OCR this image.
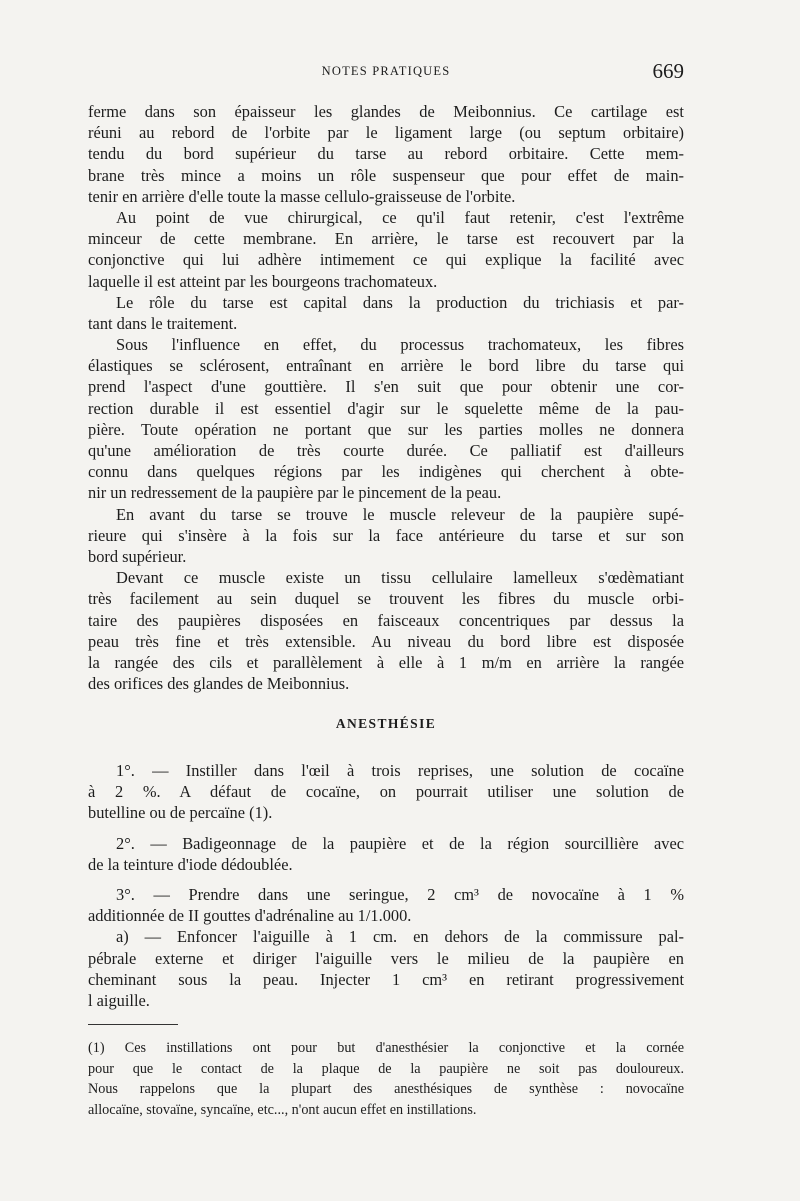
NOTES PRATIQUES	669
ferme dans son épaisseur les glandes de Meibonnius. Ce cartilage est
réuni au rebord de l'orbite par le ligament large (ou septum orbitaire)
tendu du bord supérieur du tarse au rebord orbitaire. Cette mem-
brane très mince a moins un rôle suspenseur que pour effet de main-
tenir en arrière d'elle toute la masse cellulo-graisseuse de l'orbite.
Au point de vue chirurgical, ce qu'il faut retenir, c'est l'extrême
minceur de cette membrane. En arrière, le tarse est recouvert par la
conjonctive qui lui adhère intimement ce qui explique la facilité avec
laquelle il est atteint par les bourgeons trachomateux.
Le rôle du tarse est capital dans la production du trichiasis et par-
tant dans le traitement.
Sous l'influence en effet, du processus trachomateux, les fibres
élastiques se sclérosent, entraînant en arrière le bord libre du tarse qui
prend l'aspect d'une gouttière. Il s'en suit que pour obtenir une cor-
rection durable il est essentiel d'agir sur le squelette même de la pau-
pière. Toute opération ne portant que sur les parties molles ne donnera
qu'une amélioration de très courte durée. Ce palliatif est d'ailleurs
connu dans quelques régions par les indigènes qui cherchent à obte-
nir un redressement de la paupière par le pincement de la peau.
En avant du tarse se trouve le muscle releveur de la paupière supé-
rieure qui s'insère à la fois sur la face antérieure du tarse et sur son
bord supérieur.
Devant ce muscle existe un tissu cellulaire lamelleux s'œdèmatiant
très facilement au sein duquel se trouvent les fibres du muscle orbi-
taire des paupières disposées en faisceaux concentriques par dessus la
peau très fine et très extensible. Au niveau du bord libre est disposée
la rangée des cils et parallèlement à elle à 1 m/m en arrière la rangée
des orifices des glandes de Meibonnius.
ANESTHÉSIE
1°. — Instiller dans l'œil à trois reprises, une solution de cocaïne
à 2 %. A défaut de cocaïne, on pourrait utiliser une solution de
butelline ou de percaïne (1).
2°. — Badigeonnage de la paupière et de la région sourcillière avec
de la teinture d'iode dédoublée.
3°. — Prendre dans une seringue, 2 cm³ de novocaïne à 1 %
additionnée de II gouttes d'adrénaline au 1/1.000.
a) — Enfoncer l'aiguille à 1 cm. en dehors de la commissure pal-
pébrale externe et diriger l'aiguille vers le milieu de la paupière en
cheminant sous la peau. Injecter 1 cm³ en retirant progressivement
l aiguille.
(1) Ces instillations ont pour but d'anesthésier la conjonctive et la cornée
pour que le contact de la plaque de la paupière ne soit pas douloureux.
Nous rappelons que la plupart des anesthésiques de synthèse : novocaïne
allocaïne, stovaïne, syncaïne, etc..., n'ont aucun effet en instillations.
